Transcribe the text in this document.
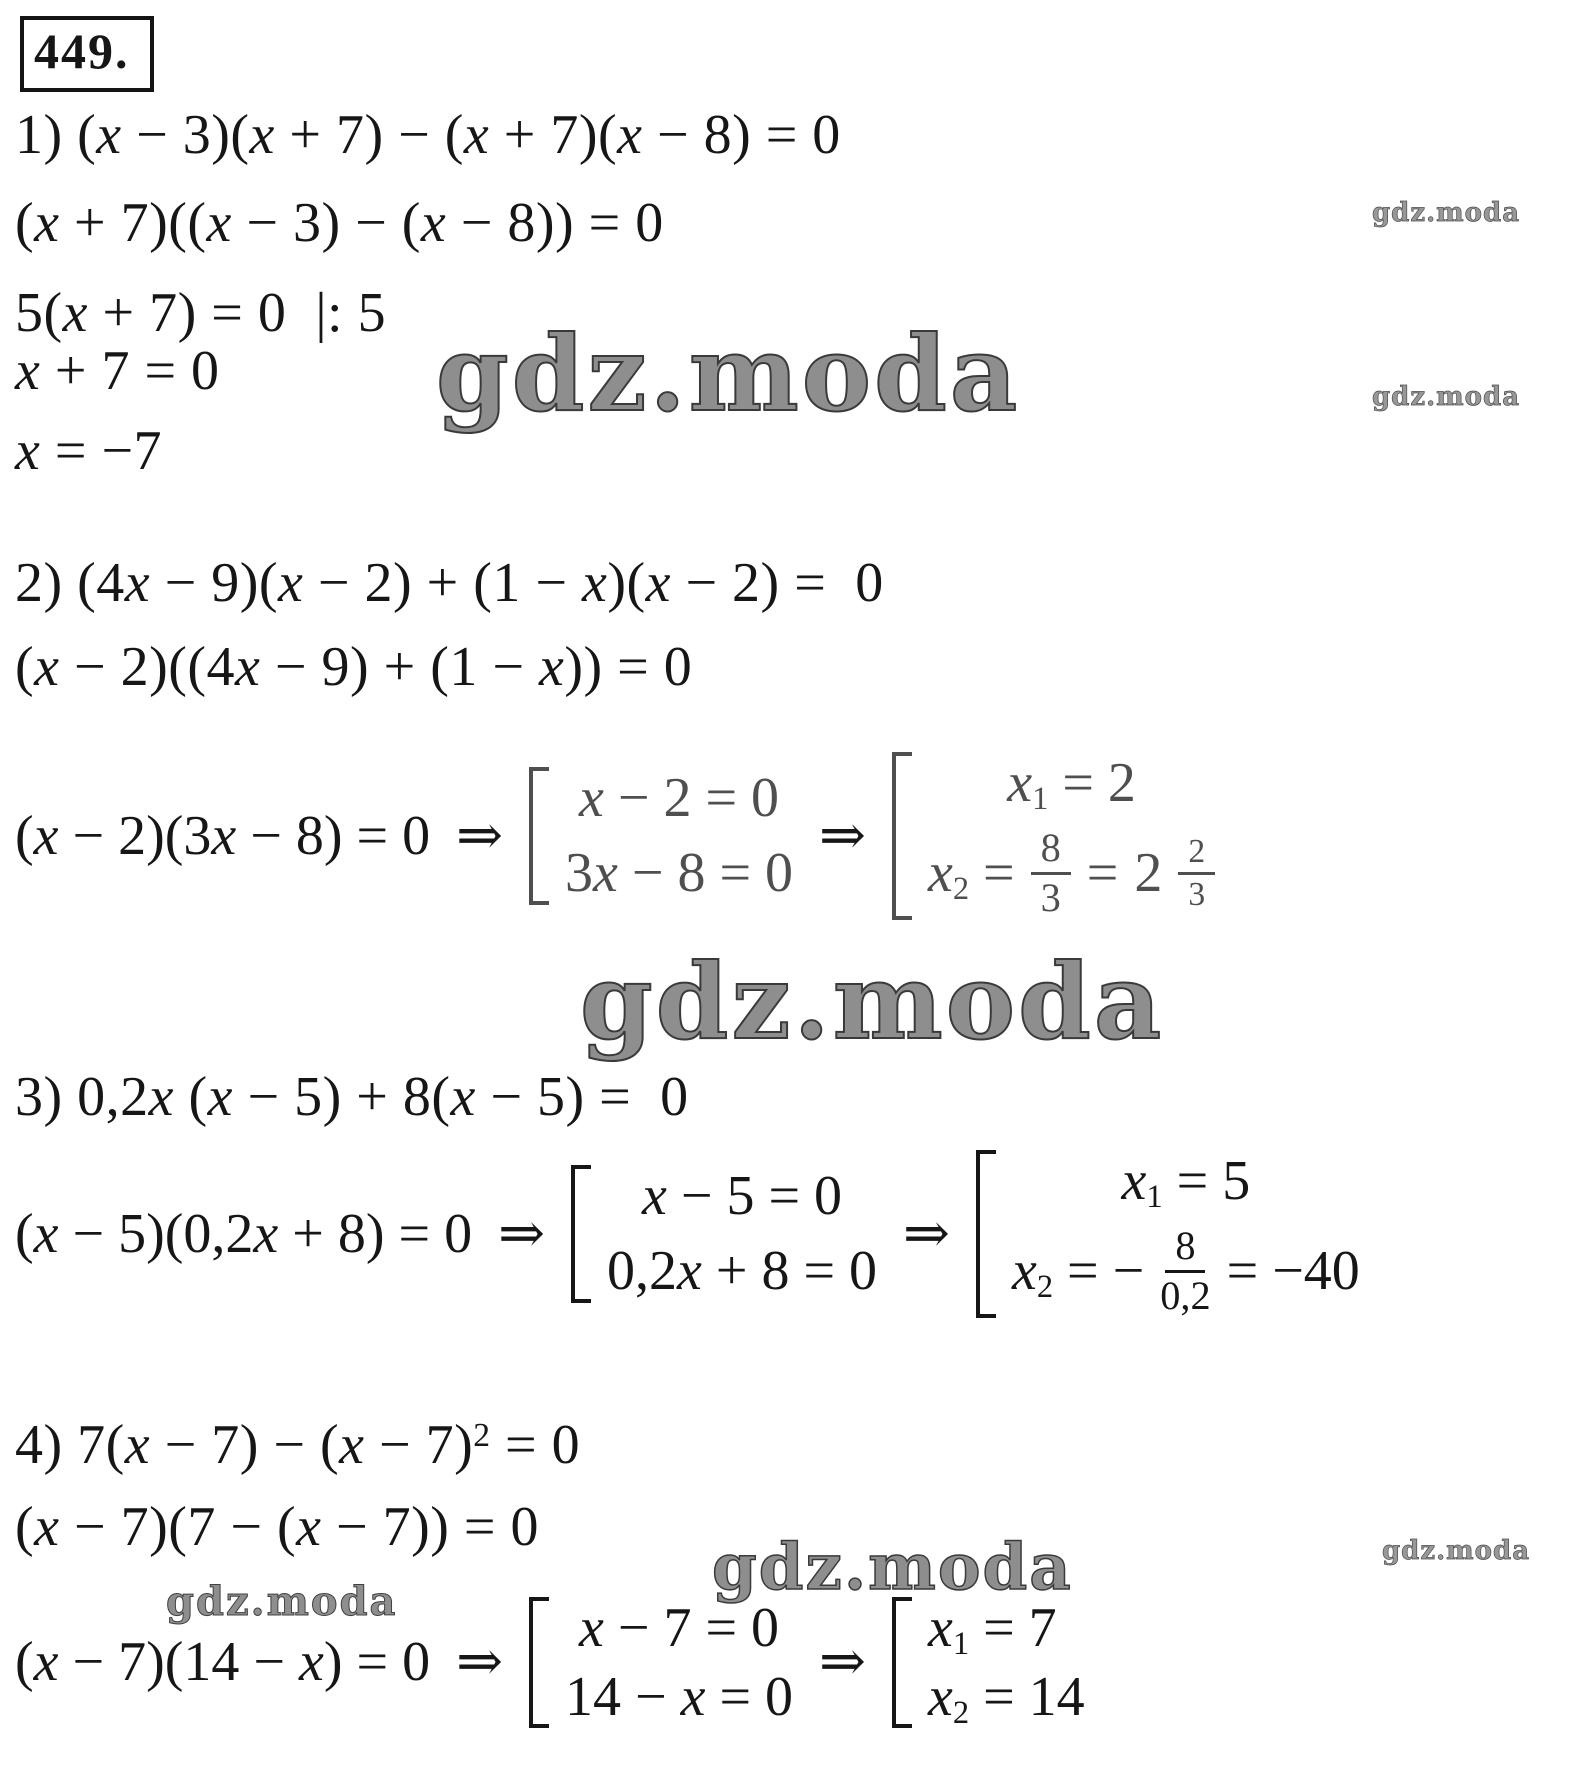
449.
1) (x − 3)(x + 7) − (x + 7)(x − 8) = 0
(x + 7)((x − 3) − (x − 8)) = 0
5(x + 7) = 0  |: 5
x + 7 = 0
x = −7
2) (4x − 9)(x − 2) + (1 − x)(x − 2) =  0
(x − 2)((4x − 9) + (1 − x)) = 0
(x − 2)(3x − 8) = 0 ⇒
x − 2 = 0
3x − 8 = 0
⇒
$x_1 = 2$
$x_2 = \frac{8}{3} = 2 \frac{2}{3}$
3) 0,2x (x − 5) + 8(x − 5) =  0
(x − 5)(0,2x + 8) = 0 ⇒
x − 5 = 0
0,2x + 8 = 0
⇒
$x_1 = 5$
$x_2$ = − $\frac{8}{0,2} = -40$
4) $7(x - 7) - (x - 7)^2 = 0$
(x − 7)(7 − (x − 7)) = 0
(x − 7)(14 − x) = 0 ⇒
x − 7 = 0
14 − x = 0
⇒
$x_1 = 7$
$x_2 = 14$
gdz.moda
gdz.moda
gdz.moda
gdz.moda
gdz.moda
gdz.moda
gdz.moda
